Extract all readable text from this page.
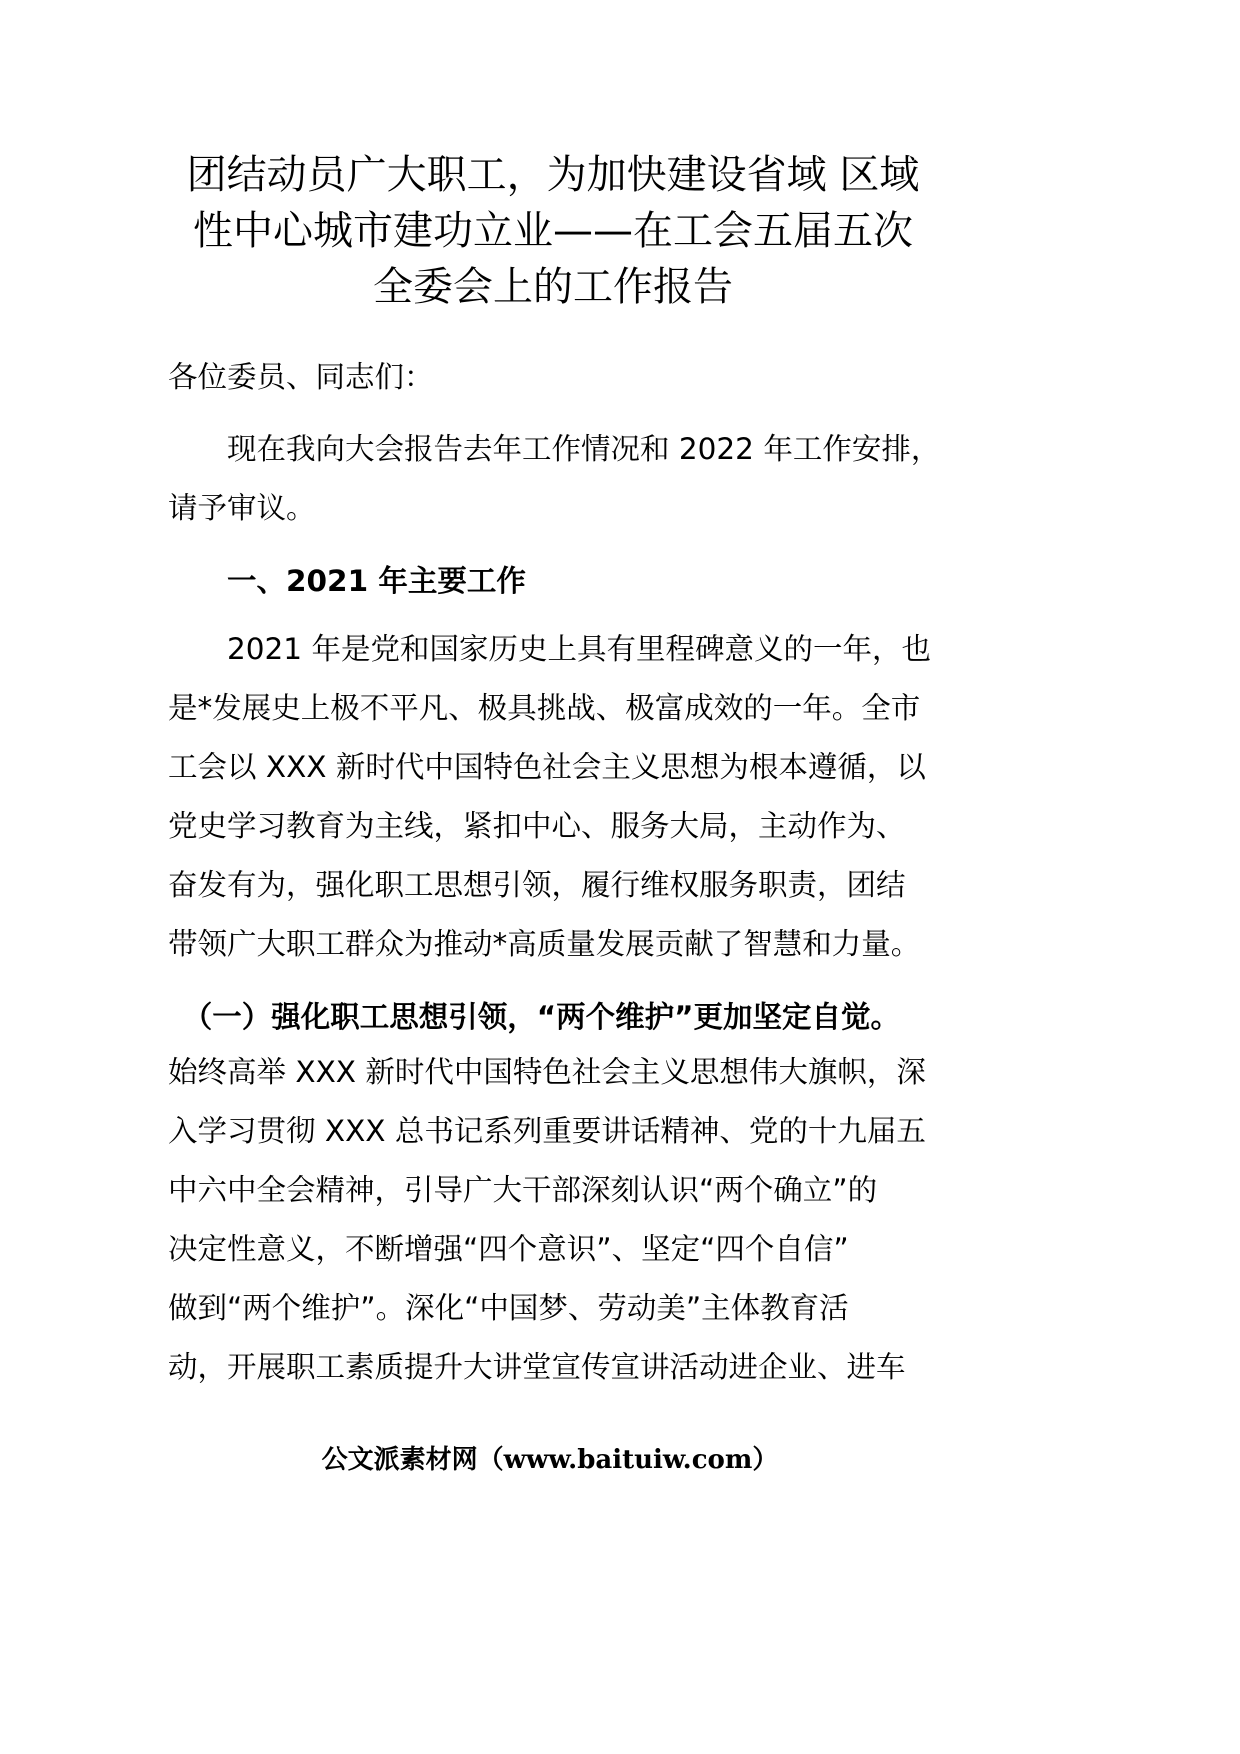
团结动员广大职工，为加快建设省域 区域
性中心城市建功立业——在工会五届五次
全委会上的工作报告
各位委员、同志们：
　　现在我向大会报告去年工作情况和 2022 年工作安排，
请予审议。
　　一、2021 年主要工作
　　2021 年是党和国家历史上具有里程碑意义的一年，也
是*发展史上极不平凡、极具挑战、极富成效的一年。全市
工会以 XXX 新时代中国特色社会主义思想为根本遵循，以
党史学习教育为主线，紧扣中心、服务大局，主动作为、
奋发有为，强化职工思想引领，履行维权服务职责，团结
带领广大职工群众为推动*高质量发展贡献了智慧和力量。
　（一）强化职工思想引领，“两个维护”更加坚定自觉。
始终高举 XXX 新时代中国特色社会主义思想伟大旗帜，深
入学习贯彻 XXX 总书记系列重要讲话精神、党的十九届五
中六中全会精神，引导广大干部深刻认识“两个确立”的
决定性意义，不断增强“四个意识”、坚定“四个自信”
做到“两个维护”。深化“中国梦、劳动美”主体教育活
动，开展职工素质提升大讲堂宣传宣讲活动进企业、进车
公文派素材网（www.baituiw.com）
